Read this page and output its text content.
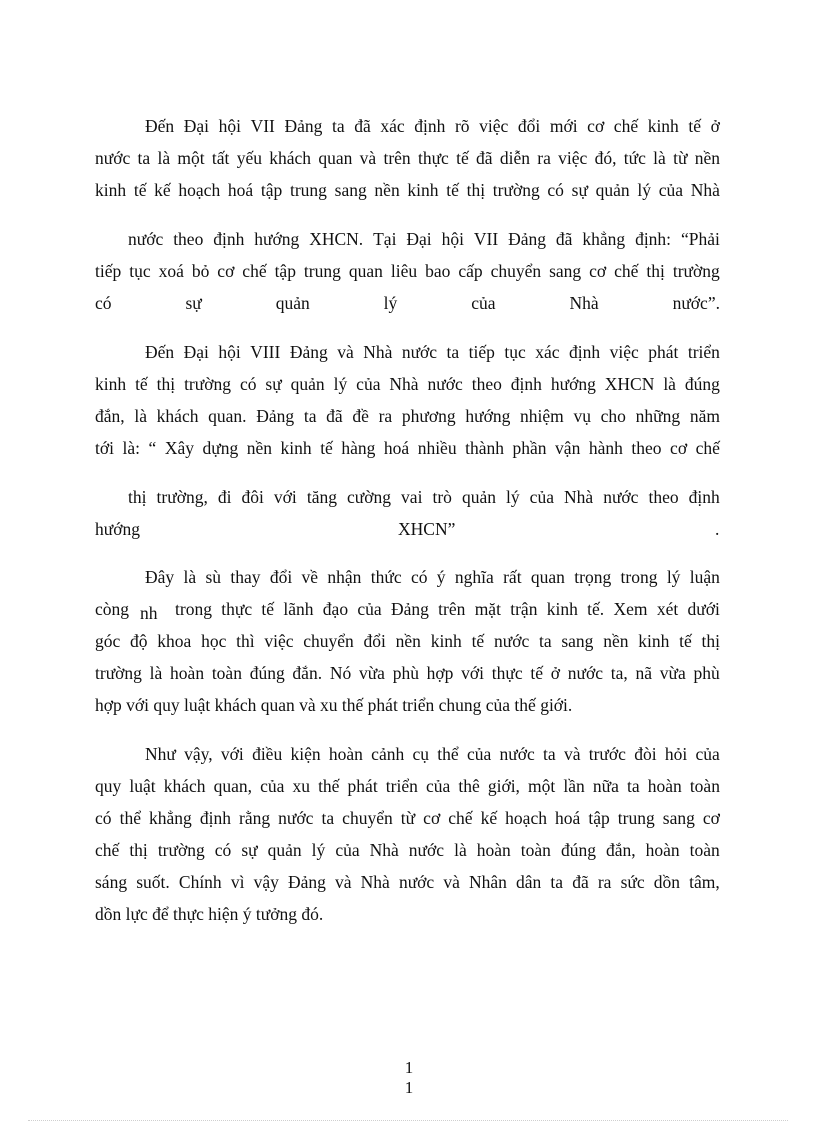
Đến Đại hội VII Đảng ta đã xác định rõ việc đổi mới cơ chế kinh tế ở
nước ta là một tất yếu khách quan và trên thực tế đã diễn ra việc đó, tức là từ nền
kinh tế kế hoạch hoá tập trung sang nền kinh tế thị trường có sự quản lý của Nhà
nước theo định hướng XHCN. Tại Đại hội VII Đảng đã khẳng định: “Phải
tiếp tục xoá bỏ cơ chế tập trung quan liêu bao cấp chuyển sang cơ chế thị trường
có	sự	quản	lý	của	Nhà	nước”.
Đến Đại hội VIII Đảng và Nhà nước ta tiếp tục xác định việc phát triển
kinh tế thị trường có sự quản lý của Nhà nước theo định hướng XHCN là đúng
đắn, là khách quan. Đảng ta đã đề ra phương hướng nhiệm vụ cho những năm
tới là: “ Xây dựng nền kinh tế hàng hoá nhiều thành phần vận hành theo cơ chế
thị trường, đi đôi với tăng cường vai trò quản lý của Nhà nước theo định
hướng	XHCN”	.
Đây là sù thay đổi về nhận thức có ý nghĩa rất quan trọng trong lý luận
còng nh trong thực tế lãnh đạo của Đảng trên mặt trận kinh tế. Xem xét dưới
góc độ khoa học thì việc chuyển đổi nền kinh tế nước ta sang nền kinh tế thị
trường là hoàn toàn đúng đắn. Nó vừa phù hợp với thực tế ở nước ta, nã vừa phù
hợp với quy luật khách quan và xu thế phát triển chung của thế giới.
Như vậy, với điều kiện hoàn cảnh cụ thể của nước ta và trước đòi hỏi của
quy luật khách quan, của xu thế phát triển của thê giới, một lần nữa ta hoàn toàn
có thể khẳng định rằng nước ta chuyển từ cơ chế kế hoạch hoá tập trung sang cơ
chế thị trường có sự quản lý của Nhà nước là hoàn toàn đúng đắn, hoàn toàn
sáng suốt. Chính vì vậy Đảng và Nhà nước và Nhân dân ta đã ra sức dồn tâm,
dồn lực để thực hiện ý tưởng đó.
1
1
